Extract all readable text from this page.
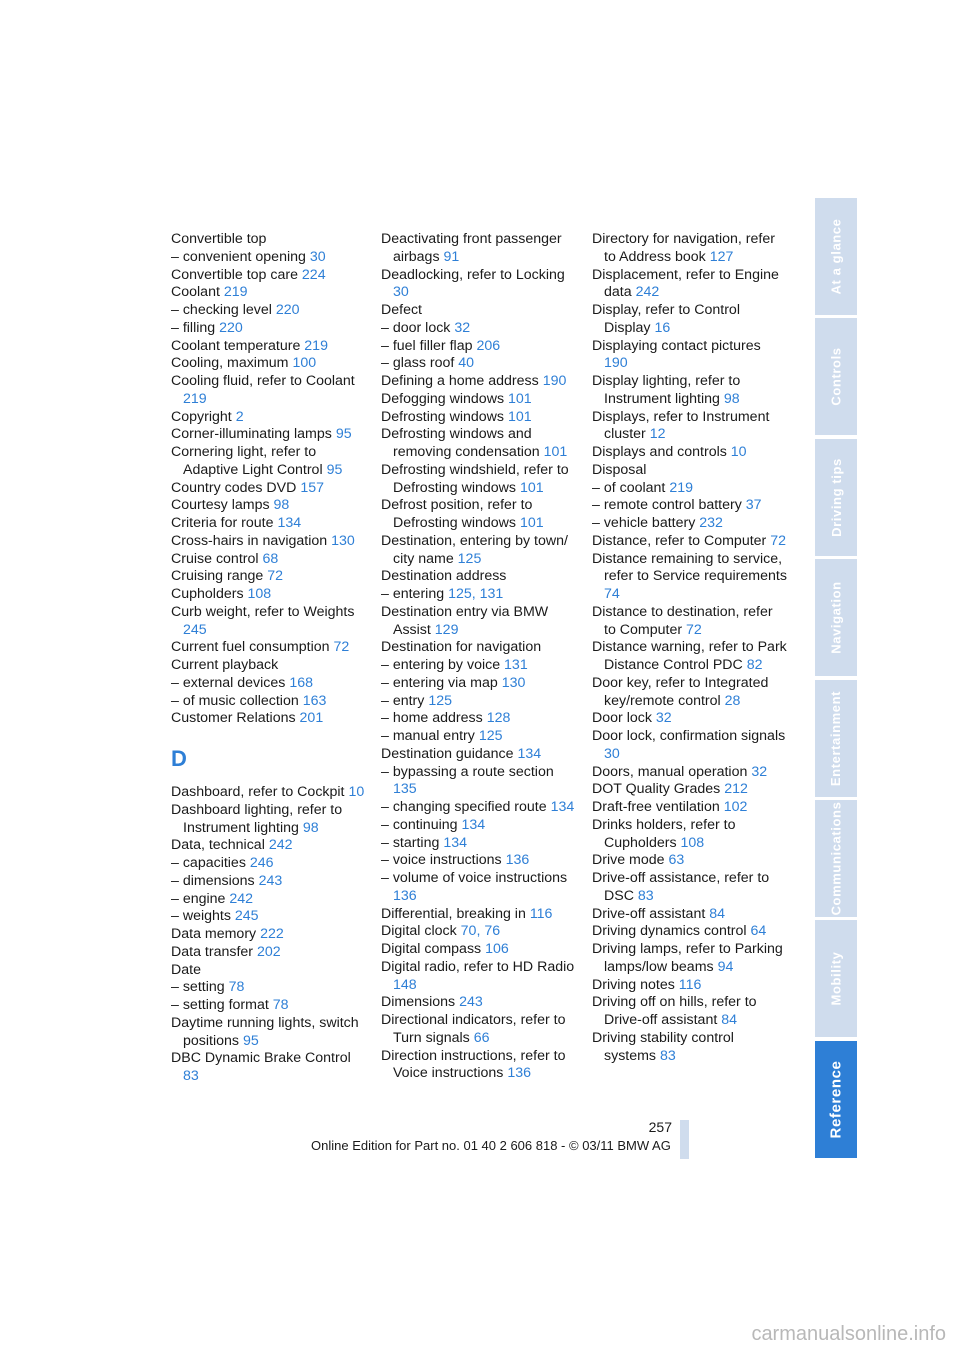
Convertible top
– convenient opening 30
Convertible top care 224
Coolant 219
– checking level 220
– filling 220
Coolant temperature 219
Cooling, maximum 100
Cooling fluid, refer to Coolant 219
Copyright 2
Corner-illuminating lamps 95
Cornering light, refer to Adaptive Light Control 95
Country codes DVD 157
Courtesy lamps 98
Criteria for route 134
Cross-hairs in navigation 130
Cruise control 68
Cruising range 72
Cupholders 108
Curb weight, refer to Weights 245
Current fuel consumption 72
Current playback
– external devices 168
– of music collection 163
Customer Relations 201
D
Dashboard, refer to Cockpit 10
Dashboard lighting, refer to Instrument lighting 98
Data, technical 242
– capacities 246
– dimensions 243
– engine 242
– weights 245
Data memory 222
Data transfer 202
Date
– setting 78
– setting format 78
Daytime running lights, switch positions 95
DBC Dynamic Brake Control 83
Deactivating front passenger airbags 91
Deadlocking, refer to Locking 30
Defect
– door lock 32
– fuel filler flap 206
– glass roof 40
Defining a home address 190
Defogging windows 101
Defrosting windows 101
Defrosting windows and removing condensation 101
Defrosting windshield, refer to Defrosting windows 101
Defrost position, refer to Defrosting windows 101
Destination, entering by town/ city name 125
Destination address
– entering 125, 131
Destination entry via BMW Assist 129
Destination for navigation
– entering by voice 131
– entering via map 130
– entry 125
– home address 128
– manual entry 125
Destination guidance 134
– bypassing a route section 135
– changing specified route 134
– continuing 134
– starting 134
– voice instructions 136
– volume of voice instructions 136
Differential, breaking in 116
Digital clock 70, 76
Digital compass 106
Digital radio, refer to HD Radio 148
Dimensions 243
Directional indicators, refer to Turn signals 66
Direction instructions, refer to Voice instructions 136
Directory for navigation, refer to Address book 127
Displacement, refer to Engine data 242
Display, refer to Control Display 16
Displaying contact pictures 190
Display lighting, refer to Instrument lighting 98
Displays, refer to Instrument cluster 12
Displays and controls 10
Disposal
– of coolant 219
– remote control battery 37
– vehicle battery 232
Distance, refer to Computer 72
Distance remaining to service, refer to Service requirements 74
Distance to destination, refer to Computer 72
Distance warning, refer to Park Distance Control PDC 82
Door key, refer to Integrated key/remote control 28
Door lock 32
Door lock, confirmation signals 30
Doors, manual operation 32
DOT Quality Grades 212
Draft-free ventilation 102
Drinks holders, refer to Cupholders 108
Drive mode 63
Drive-off assistance, refer to DSC 83
Drive-off assistant 84
Driving dynamics control 64
Driving lamps, refer to Parking lamps/low beams 94
Driving notes 116
Driving off on hills, refer to Drive-off assistant 84
Driving stability control systems 83
At a glance
Controls
Driving tips
Navigation
Entertainment
Communications
Mobility
Reference
257
Online Edition for Part no. 01 40 2 606 818 - © 03/11 BMW AG
carmanualsonline.info
